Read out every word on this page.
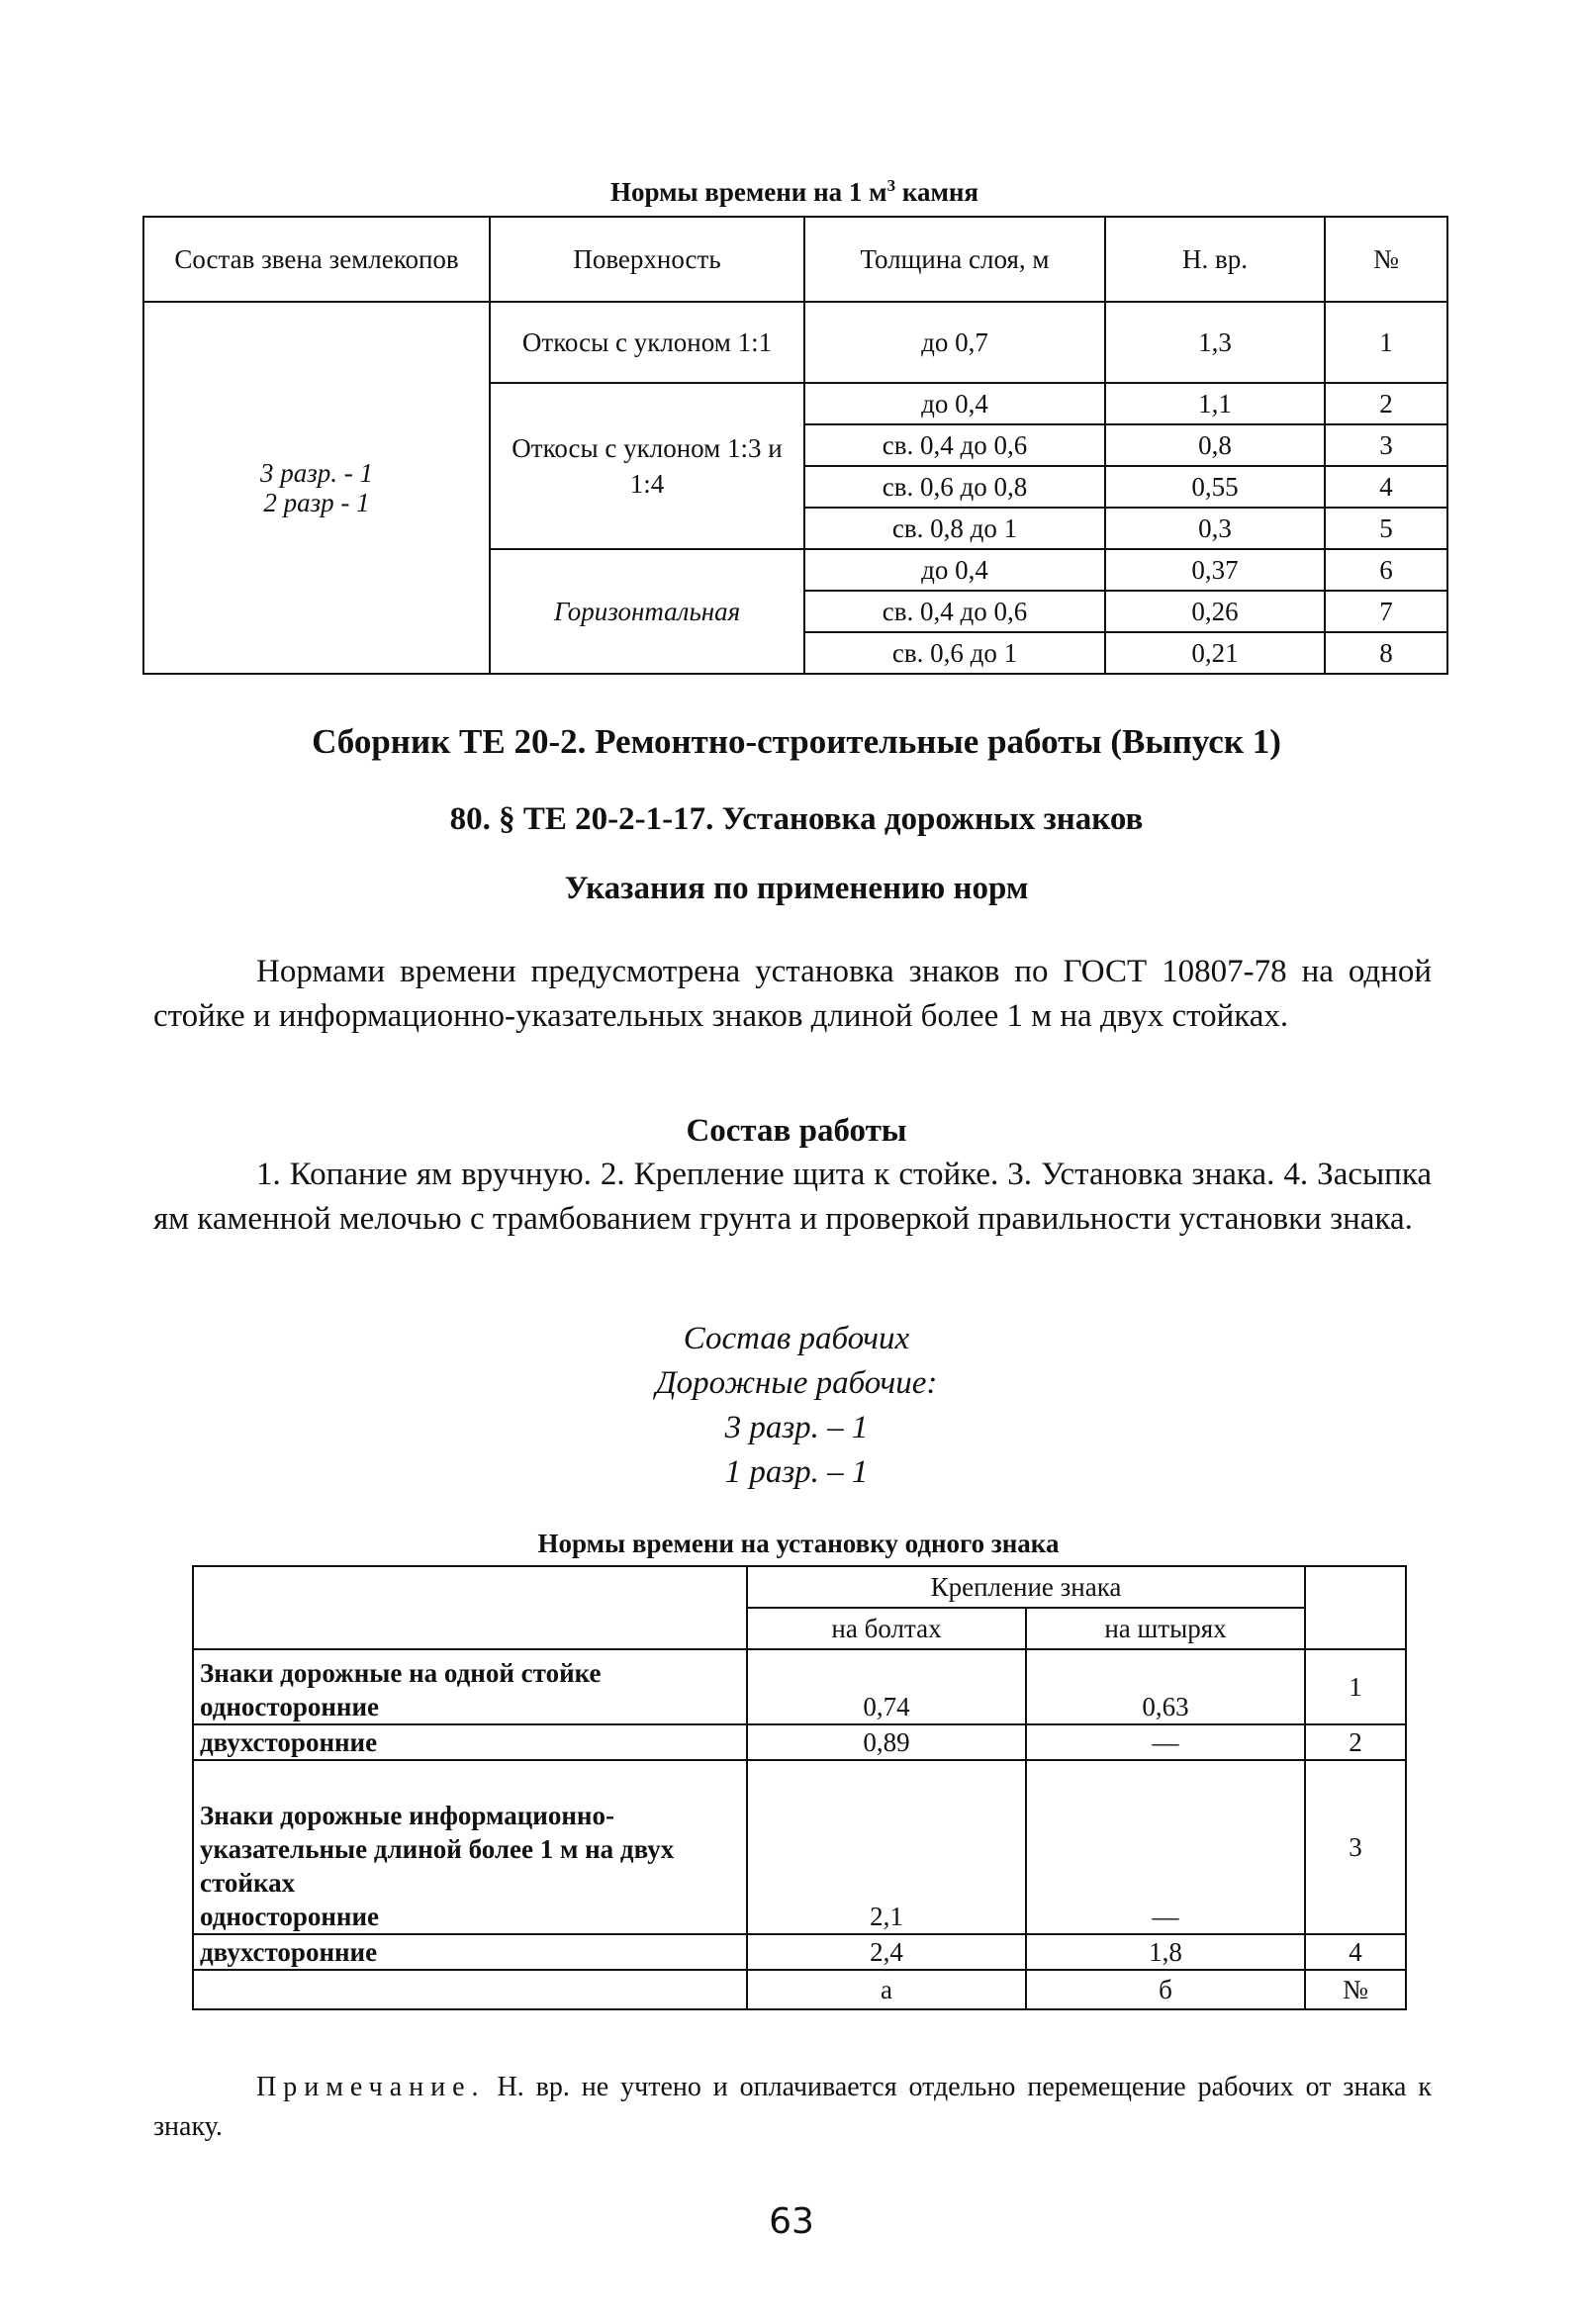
Нормы времени на 1 $м^3$ камня
Состав звена землекопов	Поверхность	Толщина слоя, м	Н. вр.	№

3 разр. - 1
2 разр - 1	Откосы с уклоном 1:1	до 0,7	1,3	1
	Откосы с уклоном 1:3 и 1:4	до 0,4	1,1	2
		св. 0,4 до 0,6	0,8	3
		св. 0,6 до 0,8	0,55	4
		св. 0,8 до 1	0,3	5
	Горизонтальная	до 0,4	0,37	6
		св. 0,4 до 0,6	0,26	7
		св. 0,6 до 1	0,21	8
Сборник ТЕ 20-2. Ремонтно-строительные работы (Выпуск 1)
80. § ТЕ 20-2-1-17. Установка дорожных знаков
Указания по применению норм
Нормами времени предусмотрена установка знаков по ГОСТ 10807-78 на одной стойке и информационно-указательных знаков длиной более 1 м на двух стойках.
Состав работы
1. Копание ям вручную. 2. Крепление щита к стойке. 3. Установка знака. 4. Засыпка ям каменной мелочью с трамбованием грунта и проверкой правильности установки знака.
Состав рабочих
Дорожные рабочие:
3 разр. – 1
1 разр. – 1
Нормы времени на установку одного знака
	Крепление знака		
	на болтах	на штырях	

Знаки дорожные на одной стойке
односторонние	0,74	0,63	1
двухсторонние	0,89	—	2

Знаки дорожные информационно-указательные длиной более 1 м на двух стойках
односторонние	2,1	—	3
двухсторонние	2,4	1,8	4
	а	б	№
Примечание. Н. вр. не учтено и оплачивается отдельно перемещение рабочих от знака к знаку.
63
